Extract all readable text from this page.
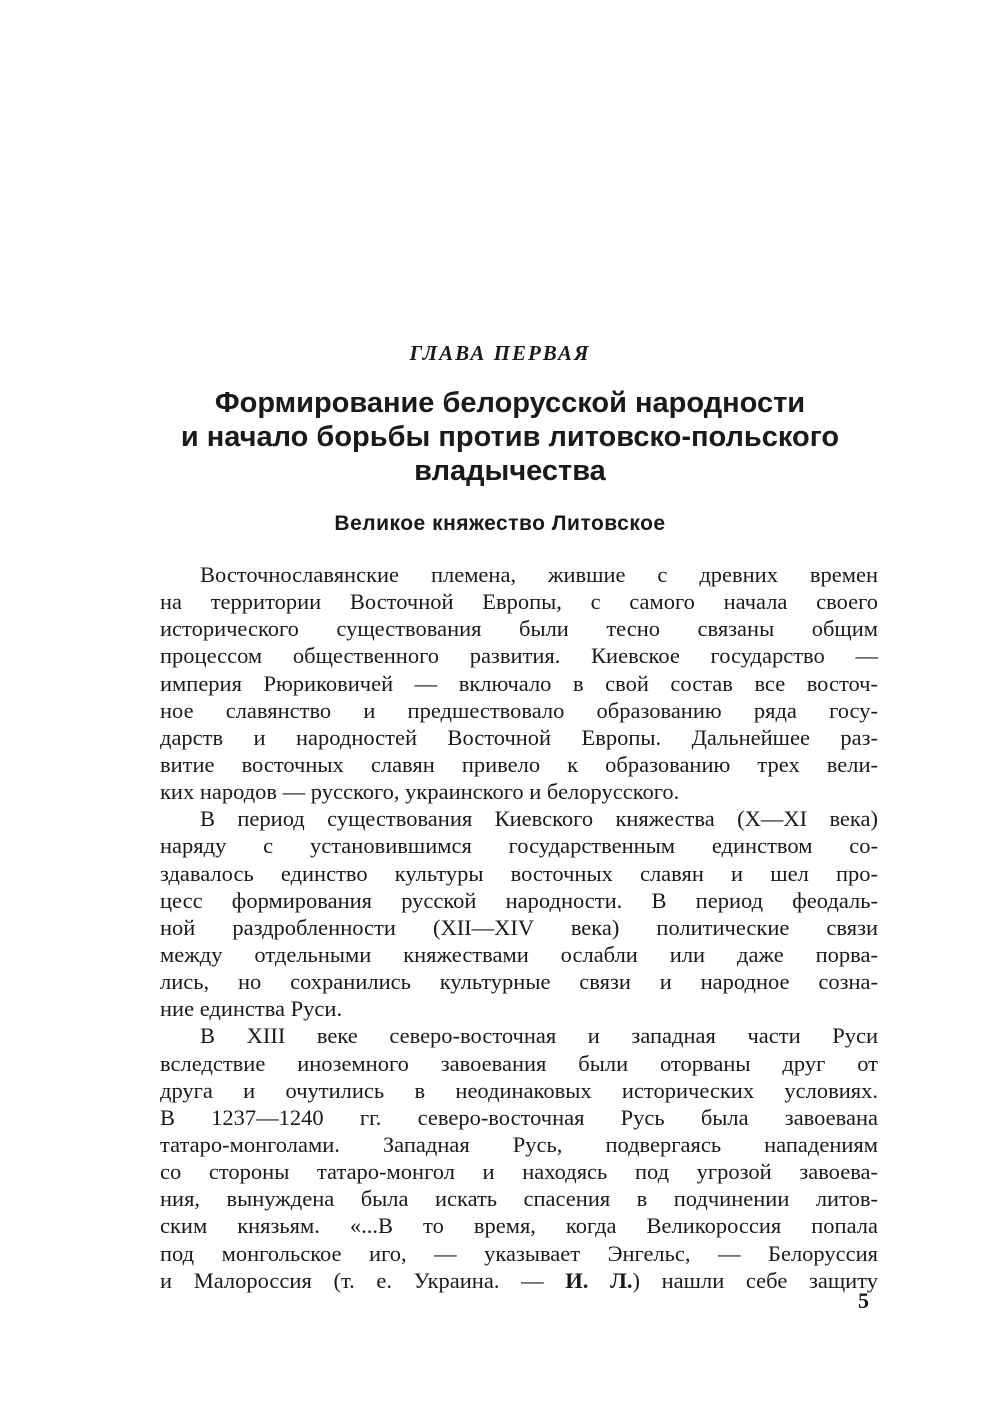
ГЛАВА ПЕРВАЯ
Формирование белорусской народности
и начало борьбы против литовско-польского
владычества
Великое княжество Литовское
Восточнославянские племена, жившие с древних времен
на территории Восточной Европы, с самого начала своего
исторического существования были тесно связаны общим
процессом общественного развития. Киевское государство —
империя Рюриковичей — включало в свой состав все восточ-
ное славянство и предшествовало образованию ряда госу-
дарств и народностей Восточной Европы. Дальнейшее раз-
витие восточных славян привело к образованию трех вели-
ких народов — русского, украинского и белорусского.
В период существования Киевского княжества (X—XI века)
наряду с установившимся государственным единством со-
здавалось единство культуры восточных славян и шел про-
цесс формирования русской народности. В период феодаль-
ной раздробленности (XII—XIV века) политические связи
между отдельными княжествами ослабли или даже порва-
лись, но сохранились культурные связи и народное созна-
ние единства Руси.
В XIII веке северо-восточная и западная части Руси
вследствие иноземного завоевания были оторваны друг от
друга и очутились в неодинаковых исторических условиях.
В 1237—1240 гг. северо-восточная Русь была завоевана
татаро-монголами. Западная Русь, подвергаясь нападениям
со стороны татаро-монгол и находясь под угрозой завоева-
ния, вынуждена была искать спасения в подчинении литов-
ским князьям. «...В то время, когда Великороссия попала
под монгольское иго, — указывает Энгельс, — Белоруссия
и Малороссия (т. е. Украина. — И. Л.) нашли себе защиту
5
